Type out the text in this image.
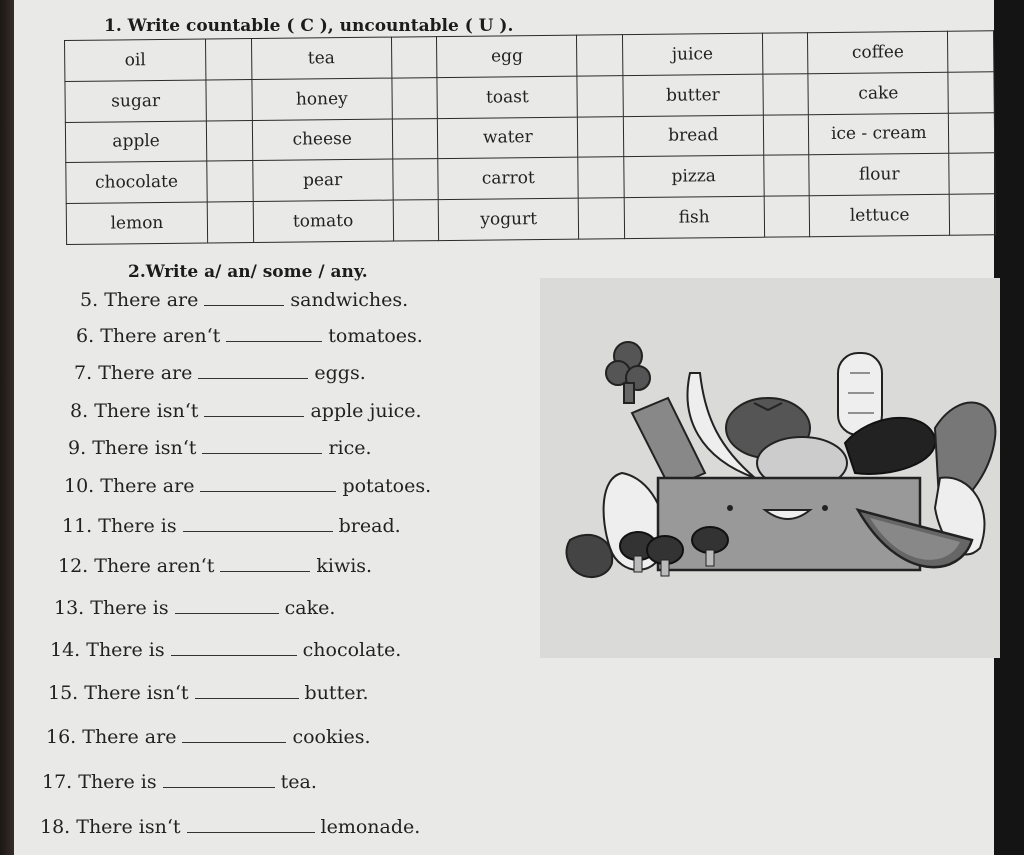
1. Write countable ( C ), uncountable ( U ).
oil		tea		egg		juice		coffee	
sugar		honey		toast		butter		cake	
apple		cheese		water		bread		ice - cream	
chocolate		pear		carrot		pizza		flour	
lemon		tomato		yogurt		fish		lettuce	
2.Write a/ an/ some / any.
5. There are	sandwiches.
6. There aren‘t	tomatoes.
7. There are	eggs.
8. There isn‘t	apple juice.
9. There isn‘t	rice.
10. There are	potatoes.
11. There is	bread.
12. There aren‘t	kiwis.
13. There is	cake.
14. There is	chocolate.
15. There isn‘t	butter.
16. There are	cookies.
17. There is	tea.
18. There isn‘t	lemonade.
